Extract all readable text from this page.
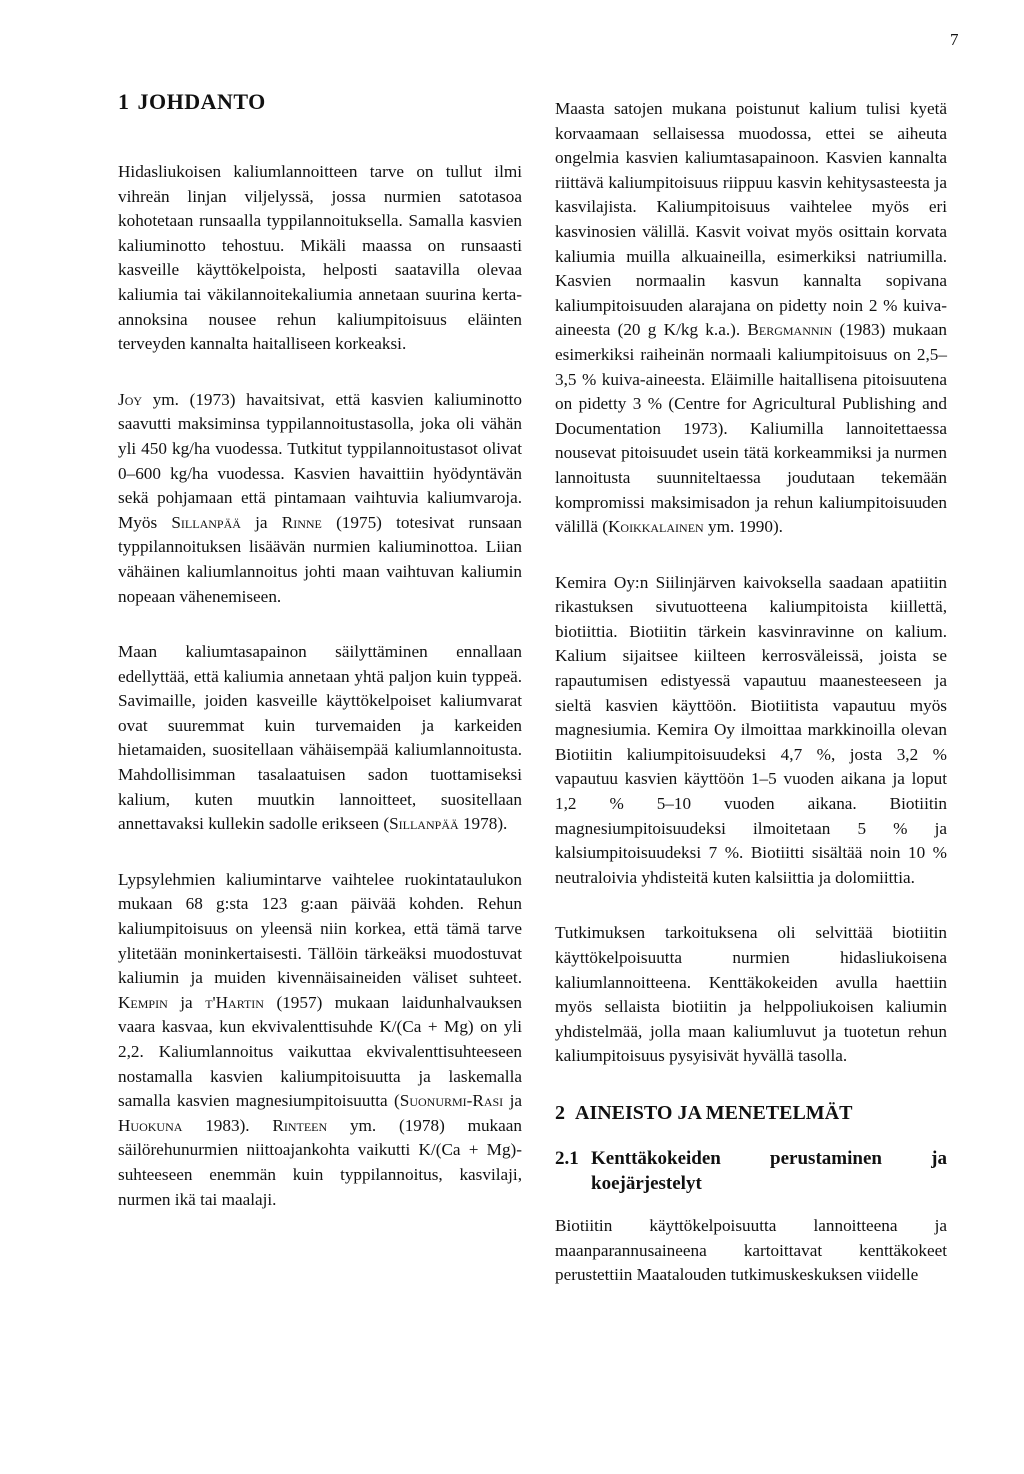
7
1 JOHDANTO

Hidasliukoisen kaliumlannoitteen tarve on tullut ilmi vihreän linjan viljelyssä, jossa nurmien satotasoa kohotetaan runsaalla typpilannoituksella. Samalla kasvien kaliuminotto tehostuu. Mikäli maassa on runsaasti kasveille käyttökelpoista, helposti saatavilla olevaa kaliumia tai väkilannoitekaliumia annetaan suurina kerta-annoksina nousee rehun kaliumpitoisuus eläinten terveyden kannalta haitalliseen korkeaksi.

Joy ym. (1973) havaitsivat, että kasvien kaliuminotto saavutti maksiminsa typpilannoitustasolla, joka oli vähän yli 450 kg/ha vuodessa. Tutkitut typpilannoitustasot olivat 0–600 kg/ha vuodessa. Kasvien havaittiin hyödyntävän sekä pohjamaan että pintamaan vaihtuvia kaliumvaroja. Myös Sillanpää ja Rinne (1975) totesivat runsaan typpilannoituksen lisäävän nurmien kaliuminottoa. Liian vähäinen kaliumlannoitus johti maan vaihtuvan kaliumin nopeaan vähenemiseen.

Maan kaliumtasapainon säilyttäminen ennallaan edellyttää, että kaliumia annetaan yhtä paljon kuin typpeä. Savimaille, joiden kasveille käyttökelpoiset kaliumvarat ovat suuremmat kuin turvemaiden ja karkeiden hietamaiden, suositellaan vähäisempää kaliumlannoitusta. Mahdollisimman tasalaatuisen sadon tuottamiseksi kalium, kuten muutkin lannoitteet, suositellaan annettavaksi kullekin sadolle erikseen (Sillanpää 1978).

Lypsylehmien kaliumintarve vaihtelee ruokintataulukon mukaan 68 g:sta 123 g:aan päivää kohden. Rehun kaliumpitoisuus on yleensä niin korkea, että tämä tarve ylitetään moninkertaisesti. Tällöin tärkeäksi muodostuvat kaliumin ja muiden kivennäisaineiden väliset suhteet. Kempin ja t'Hartin (1957) mukaan laidunhalvauksen vaara kasvaa, kun ekvivalenttisuhde K/(Ca + Mg) on yli 2,2. Kaliumlannoitus vaikuttaa ekvivalenttisuhteeseen nostamalla kasvien kaliumpitoisuutta ja laskemalla samalla kasvien magnesiumpitoisuutta (Suonurmi-Rasi ja Huokuna 1983). Rinteen ym. (1978) mukaan säilörehunurmien niittoajankohta vaikutti K/(Ca + Mg)-suhteeseen enemmän kuin typpilannoitus, kasvilaji, nurmen ikä tai maalaji.

Maasta satojen mukana poistunut kalium tulisi kyetä korvaamaan sellaisessa muodossa, ettei se aiheuta ongelmia kasvien kaliumtasapainoon. Kasvien kannalta riittävä kaliumpitoisuus riippuu kasvin kehitysasteesta ja kasvilajista. Kaliumpitoisuus vaihtelee myös eri kasvinosien välillä. Kasvit voivat myös osittain korvata kaliumia muilla alkuaineilla, esimerkiksi natriumilla. Kasvien normaalin kasvun kannalta sopivana kaliumpitoisuuden alarajana on pidetty noin 2 % kuiva-aineesta (20 g K/kg k.a.). Bergmannin (1983) mukaan esimerkiksi raiheinän normaali kaliumpitoisuus on 2,5–3,5 % kuiva-aineesta. Eläimille haitallisena pitoisuutena on pidetty 3 % (Centre for Agricultural Publishing and Documentation 1973). Kaliumilla lannoitettaessa nousevat pitoisuudet usein tätä korkeammiksi ja nurmen lannoitusta suunniteltaessa joudutaan tekemään kompromissi maksimisadon ja rehun kaliumpitoisuuden välillä (Koikkalainen ym. 1990).

Kemira Oy:n Siilinjärven kaivoksella saadaan apatiitin rikastuksen sivutuotteena kaliumpitoista kiillettä, biotiittia. Biotiitin tärkein kasvinravinne on kalium. Kalium sijaitsee kiilteen kerrosväleissä, joista se rapautumisen edistyessä vapautuu maanesteeseen ja sieltä kasvien käyttöön. Biotiitista vapautuu myös magnesiumia. Kemira Oy ilmoittaa markkinoilla olevan Biotiitin kaliumpitoisuudeksi 4,7 %, josta 3,2 % vapautuu kasvien käyttöön 1–5 vuoden aikana ja loput 1,2 % 5–10 vuoden aikana. Biotiitin magnesiumpitoisuudeksi ilmoitetaan 5 % ja kalsiumpitoisuudeksi 7 %. Biotiitti sisältää noin 10 % neutraloivia yhdisteitä kuten kalsiittia ja dolomiittia.

Tutkimuksen tarkoituksena oli selvittää biotiitin käyttökelpoisuutta nurmien hidasliukoisena kaliumlannoitteena. Kenttäkokeiden avulla haettiin myös sellaista biotiitin ja helppoliukoisen kaliumin yhdistelmää, jolla maan kaliumluvut ja tuotetun rehun kaliumpitoisuus pysyisivät hyvällä tasolla.

2 AINEISTO JA MENETELMÄT
2.1 Kenttäkokeiden perustaminen ja koejärjestelyt

Biotiitin käyttökelpoisuutta lannoitteena ja maanparannusaineena kartoittavat kenttäkokeet perustettiin Maatalouden tutkimuskeskuksen viidelle
